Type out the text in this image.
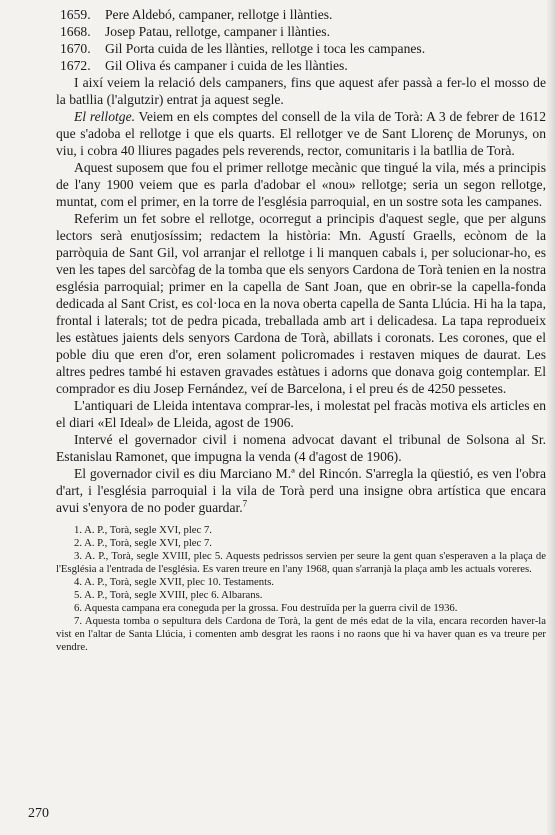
1659. Pere Aldebó, campaner, rellotge i llànties.
1668. Josep Patau, rellotge, campaner i llànties.
1670. Gil Porta cuida de les llànties, rellotge i toca les campanes.
1672. Gil Oliva és campaner i cuida de les llànties.

I així veiem la relació dels campaners, fins que aquest afer passà a fer-lo el mosso de la batllia (l'algutzir) entrat ja aquest segle.

El rellotge. Veiem en els comptes del consell de la vila de Torà: A 3 de febrer de 1612 que s'adoba el rellotge i que els quarts. El rellotger ve de Sant Llorenç de Morunys, on viu, i cobra 40 lliures pagades pels reverends, rector, comunitaris i la batllia de Torà.

Aquest suposem que fou el primer rellotge mecànic que tingué la vila, més a principis de l'any 1900 veiem que es parla d'adobar el «nou» rellotge; seria un segon rellotge, muntat, com el primer, en la torre de l'església parroquial, en un sostre sota les campanes.

Referim un fet sobre el rellotge, ocorregut a principis d'aquest segle, que per alguns lectors serà enutjosíssim; redactem la història: Mn. Agustí Graells, ecònom de la parròquia de Sant Gil, vol arranjar el rellotge i li manquen cabals i, per solucionar-ho, es ven les tapes del sarcòfag de la tomba que els senyors Cardona de Torà tenien en la nostra església parroquial; primer en la capella de Sant Joan, que en obrir-se la capella-fonda dedicada al Sant Crist, es col·loca en la nova oberta capella de Santa Llúcia. Hi ha la tapa, frontal i laterals; tot de pedra picada, treballada amb art i delicadesa. La tapa reprodueix les estàtues jaients dels senyors Cardona de Torà, abillats i coronats. Les corones, que el poble diu que eren d'or, eren solament policromades i restaven miques de daurat. Les altres pedres també hi estaven gravades estàtues i adorns que donava goig contemplar. El comprador es diu Josep Fernández, veí de Barcelona, i el preu és de 4250 pessetes.

L'antiquari de Lleida intentava comprar-les, i molestat pel fracàs motiva els articles en el diari «El Ideal» de Lleida, agost de 1906.

Intervé el governador civil i nomena advocat davant el tribunal de Solsona al Sr. Estanislau Ramonet, que impugna la venda (4 d'agost de 1906).

El governador civil es diu Marciano M.ª del Rincón. S'arregla la qüestió, es ven l'obra d'art, i l'església parroquial i la vila de Torà perd una insigne obra artística que encara avui s'enyora de no poder guardar.$^7$

1. A. P., Torà, segle XVI, plec 7.

2. A. P., Torà, segle XVI, plec 7.

3. A. P., Torà, segle XVIII, plec 5. Aquests pedrissos servien per seure la gent quan s'esperaven a la plaça de l'Església a l'entrada de l'església. Es varen treure en l'any 1968, quan s'arranjà la plaça amb les actuals voreres.

4. A. P., Torà, segle XVII, plec 10. Testaments.

5. A. P., Torà, segle XVIII, plec 6. Albarans.

6. Aquesta campana era coneguda per la grossa. Fou destruïda per la guerra civil de 1936.

7. Aquesta tomba o sepultura dels Cardona de Torà, la gent de més edat de la vila, encara recorden haver-la vist en l'altar de Santa Llúcia, i comenten amb desgrat les raons i no raons que hi va haver quan es va treure per vendre.

270
